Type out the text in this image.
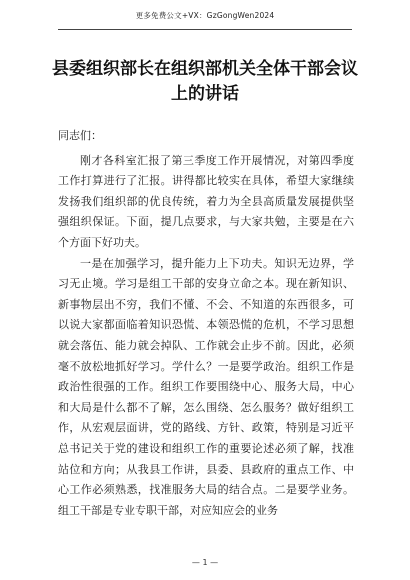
更多免费公文+VX：GzGongWen2024
县委组织部长在组织部机关全体干部会议
上的讲话

同志们：

刚才各科室汇报了第三季度工作开展情况，对第四季度工作打算进行了汇报。讲得都比较实在具体，希望大家继续发扬我们组织部的优良传统，着力为全县高质量发展提供坚强组织保证。下面，提几点要求，与大家共勉，主要是在六个方面下好功夫。

一是在加强学习，提升能力上下功夫。知识无边界，学习无止境。学习是组工干部的安身立命之本。现在新知识、新事物层出不穷，我们不懂、不会、不知道的东西很多，可以说大家都面临着知识恐慌、本领恐慌的危机，不学习思想就会落伍、能力就会掉队、工作就会止步不前。因此，必须毫不放松地抓好学习。学什么？一是要学政治。组织工作是政治性很强的工作。组织工作要围绕中心、服务大局，中心和大局是什么都不了解，怎么围绕、怎么服务？做好组织工作，从宏观层面讲，党的路线、方针、政策，特别是习近平总书记关于党的建设和组织工作的重要论述必须了解，找准站位和方向；从我县工作讲，县委、县政府的重点工作、中心工作必须熟悉，找准服务大局的结合点。二是要学业务。组工干部是专业专职干部，对应知应会的业务

— 1 —
